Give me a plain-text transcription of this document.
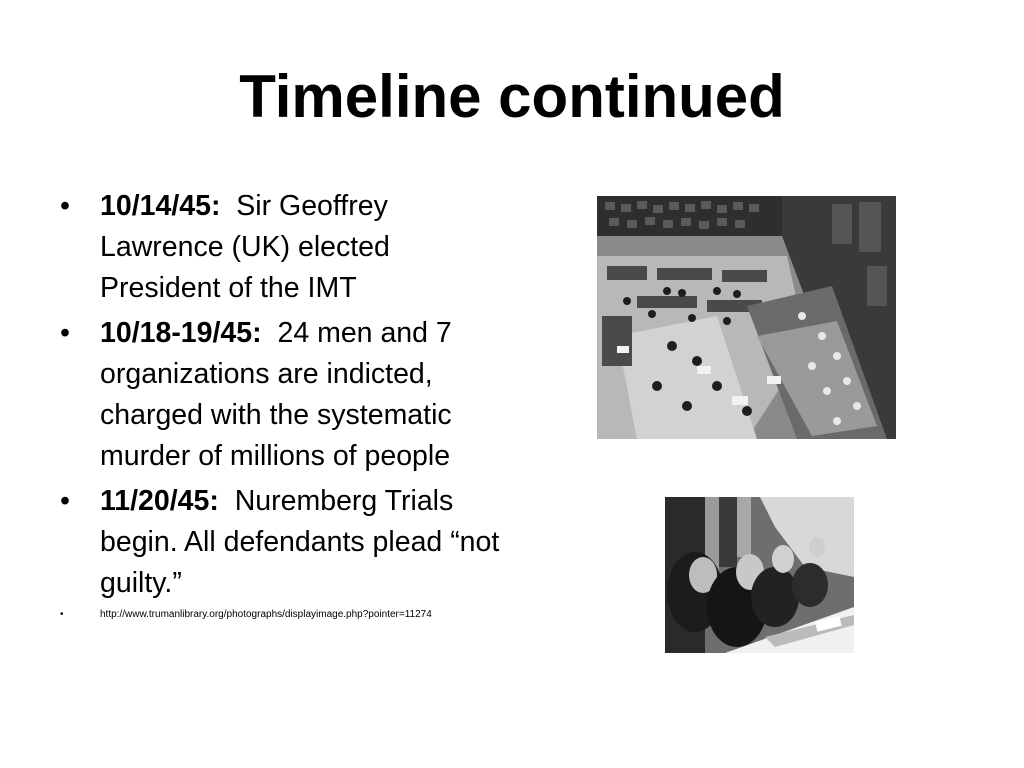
Timeline continued
• 10/14/45: Sir Geoffrey Lawrence (UK) elected President of the IMT
• 10/18-19/45: 24 men and 7 organizations are indicted, charged with the systematic murder of millions of people
• 11/20/45: Nuremberg Trials begin. All defendants plead “not guilty.”
•	http://www.trumanlibrary.org/photographs/displayimage.php?pointer=11274
